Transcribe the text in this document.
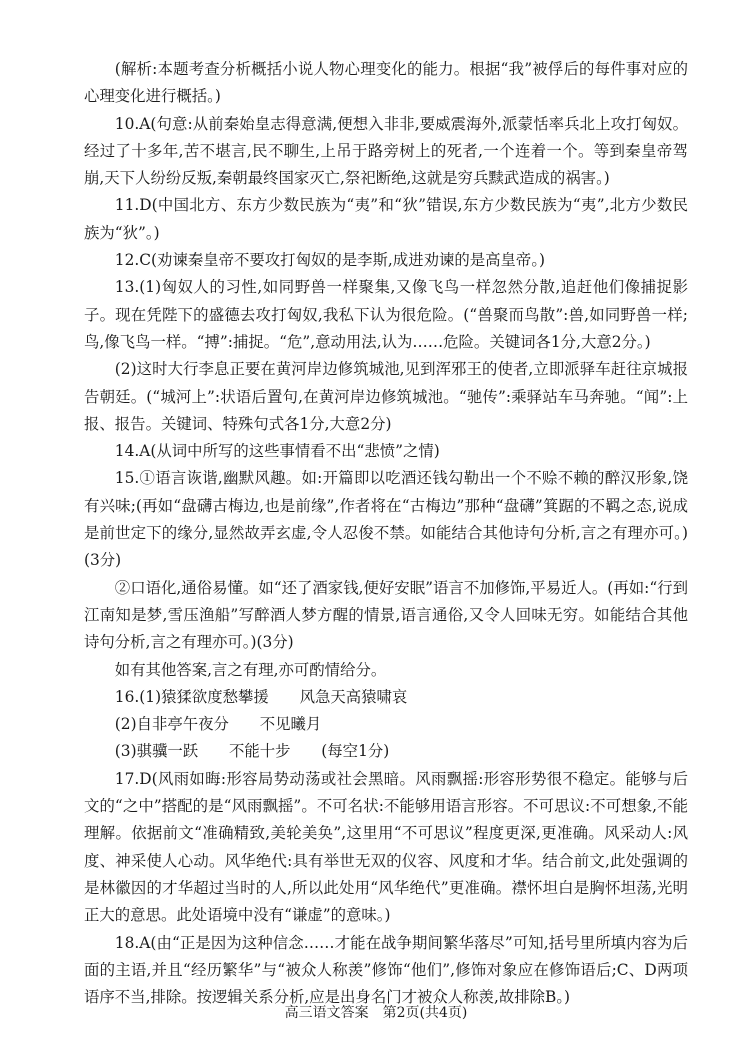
(解析:本题考查分析概括小说人物心理变化的能力。根据“我”被俘后的每件事对应的心理变化进行概括。)

10.A(句意:从前秦始皇志得意满,便想入非非,要威震海外,派蒙恬率兵北上攻打匈奴。经过了十多年,苦不堪言,民不聊生,上吊于路旁树上的死者,一个连着一个。等到秦皇帝驾崩,天下人纷纷反叛,秦朝最终国家灭亡,祭祀断绝,这就是穷兵黩武造成的祸害。)

11.D(中国北方、东方少数民族为“夷”和“狄”错误,东方少数民族为“夷”,北方少数民族为“狄”。)

12.C(劝谏秦皇帝不要攻打匈奴的是李斯,成进劝谏的是高皇帝。)

13.(1)匈奴人的习性,如同野兽一样聚集,又像飞鸟一样忽然分散,追赶他们像捕捉影子。现在凭陛下的盛德去攻打匈奴,我私下认为很危险。(“兽聚而鸟散”:兽,如同野兽一样;鸟,像飞鸟一样。“搏”:捕捉。“危”,意动用法,认为……危险。关键词各1分,大意2分。)

(2)这时大行李息正要在黄河岸边修筑城池,见到浑邪王的使者,立即派驿车赶往京城报告朝廷。(“城河上”:状语后置句,在黄河岸边修筑城池。“驰传”:乘驿站车马奔驰。“闻”:上报、报告。关键词、特殊句式各1分,大意2分)

14.A(从词中所写的这些事情看不出“悲愤”之情)

15.①语言诙谐,幽默风趣。如:开篇即以吃酒还钱勾勒出一个不赊不赖的醉汉形象,饶有兴味;(再如“盘礴古梅边,也是前缘”,作者将在“古梅边”那种“盘礴”箕踞的不羁之态,说成是前世定下的缘分,显然故弄玄虚,令人忍俊不禁。如能结合其他诗句分析,言之有理亦可。)(3分)

②口语化,通俗易懂。如“还了酒家钱,便好安眠”语言不加修饰,平易近人。(再如:“行到江南知是梦,雪压渔船”写醉酒人梦方醒的情景,语言通俗,又令人回味无穷。如能结合其他诗句分析,言之有理亦可。)(3分)

如有其他答案,言之有理,亦可酌情给分。

16.(1)猿猱欲度愁攀援　　风急天高猿啸哀
(2)自非亭午夜分　　不见曦月
(3)骐骥一跃　　不能十步　　(每空1分)

17.D(风雨如晦:形容局势动荡或社会黑暗。风雨飘摇:形容形势很不稳定。能够与后文的“之中”搭配的是“风雨飘摇”。不可名状:不能够用语言形容。不可思议:不可想象,不能理解。依据前文“准确精致,美轮美奂”,这里用“不可思议”程度更深,更准确。风采动人:风度、神采使人心动。风华绝代:具有举世无双的仪容、风度和才华。结合前文,此处强调的是林徽因的才华超过当时的人,所以此处用“风华绝代”更准确。襟怀坦白是胸怀坦荡,光明正大的意思。此处语境中没有“谦虚”的意味。)

18.A(由“正是因为这种信念……才能在战争期间繁华落尽”可知,括号里所填内容为后面的主语,并且“经历繁华”与“被众人称羡”修饰“他们”,修饰对象应在修饰语后;C、D两项语序不当,排除。按逻辑关系分析,应是出身名门才被众人称羡,故排除B。)

高三语文答案　第2页(共4页)
